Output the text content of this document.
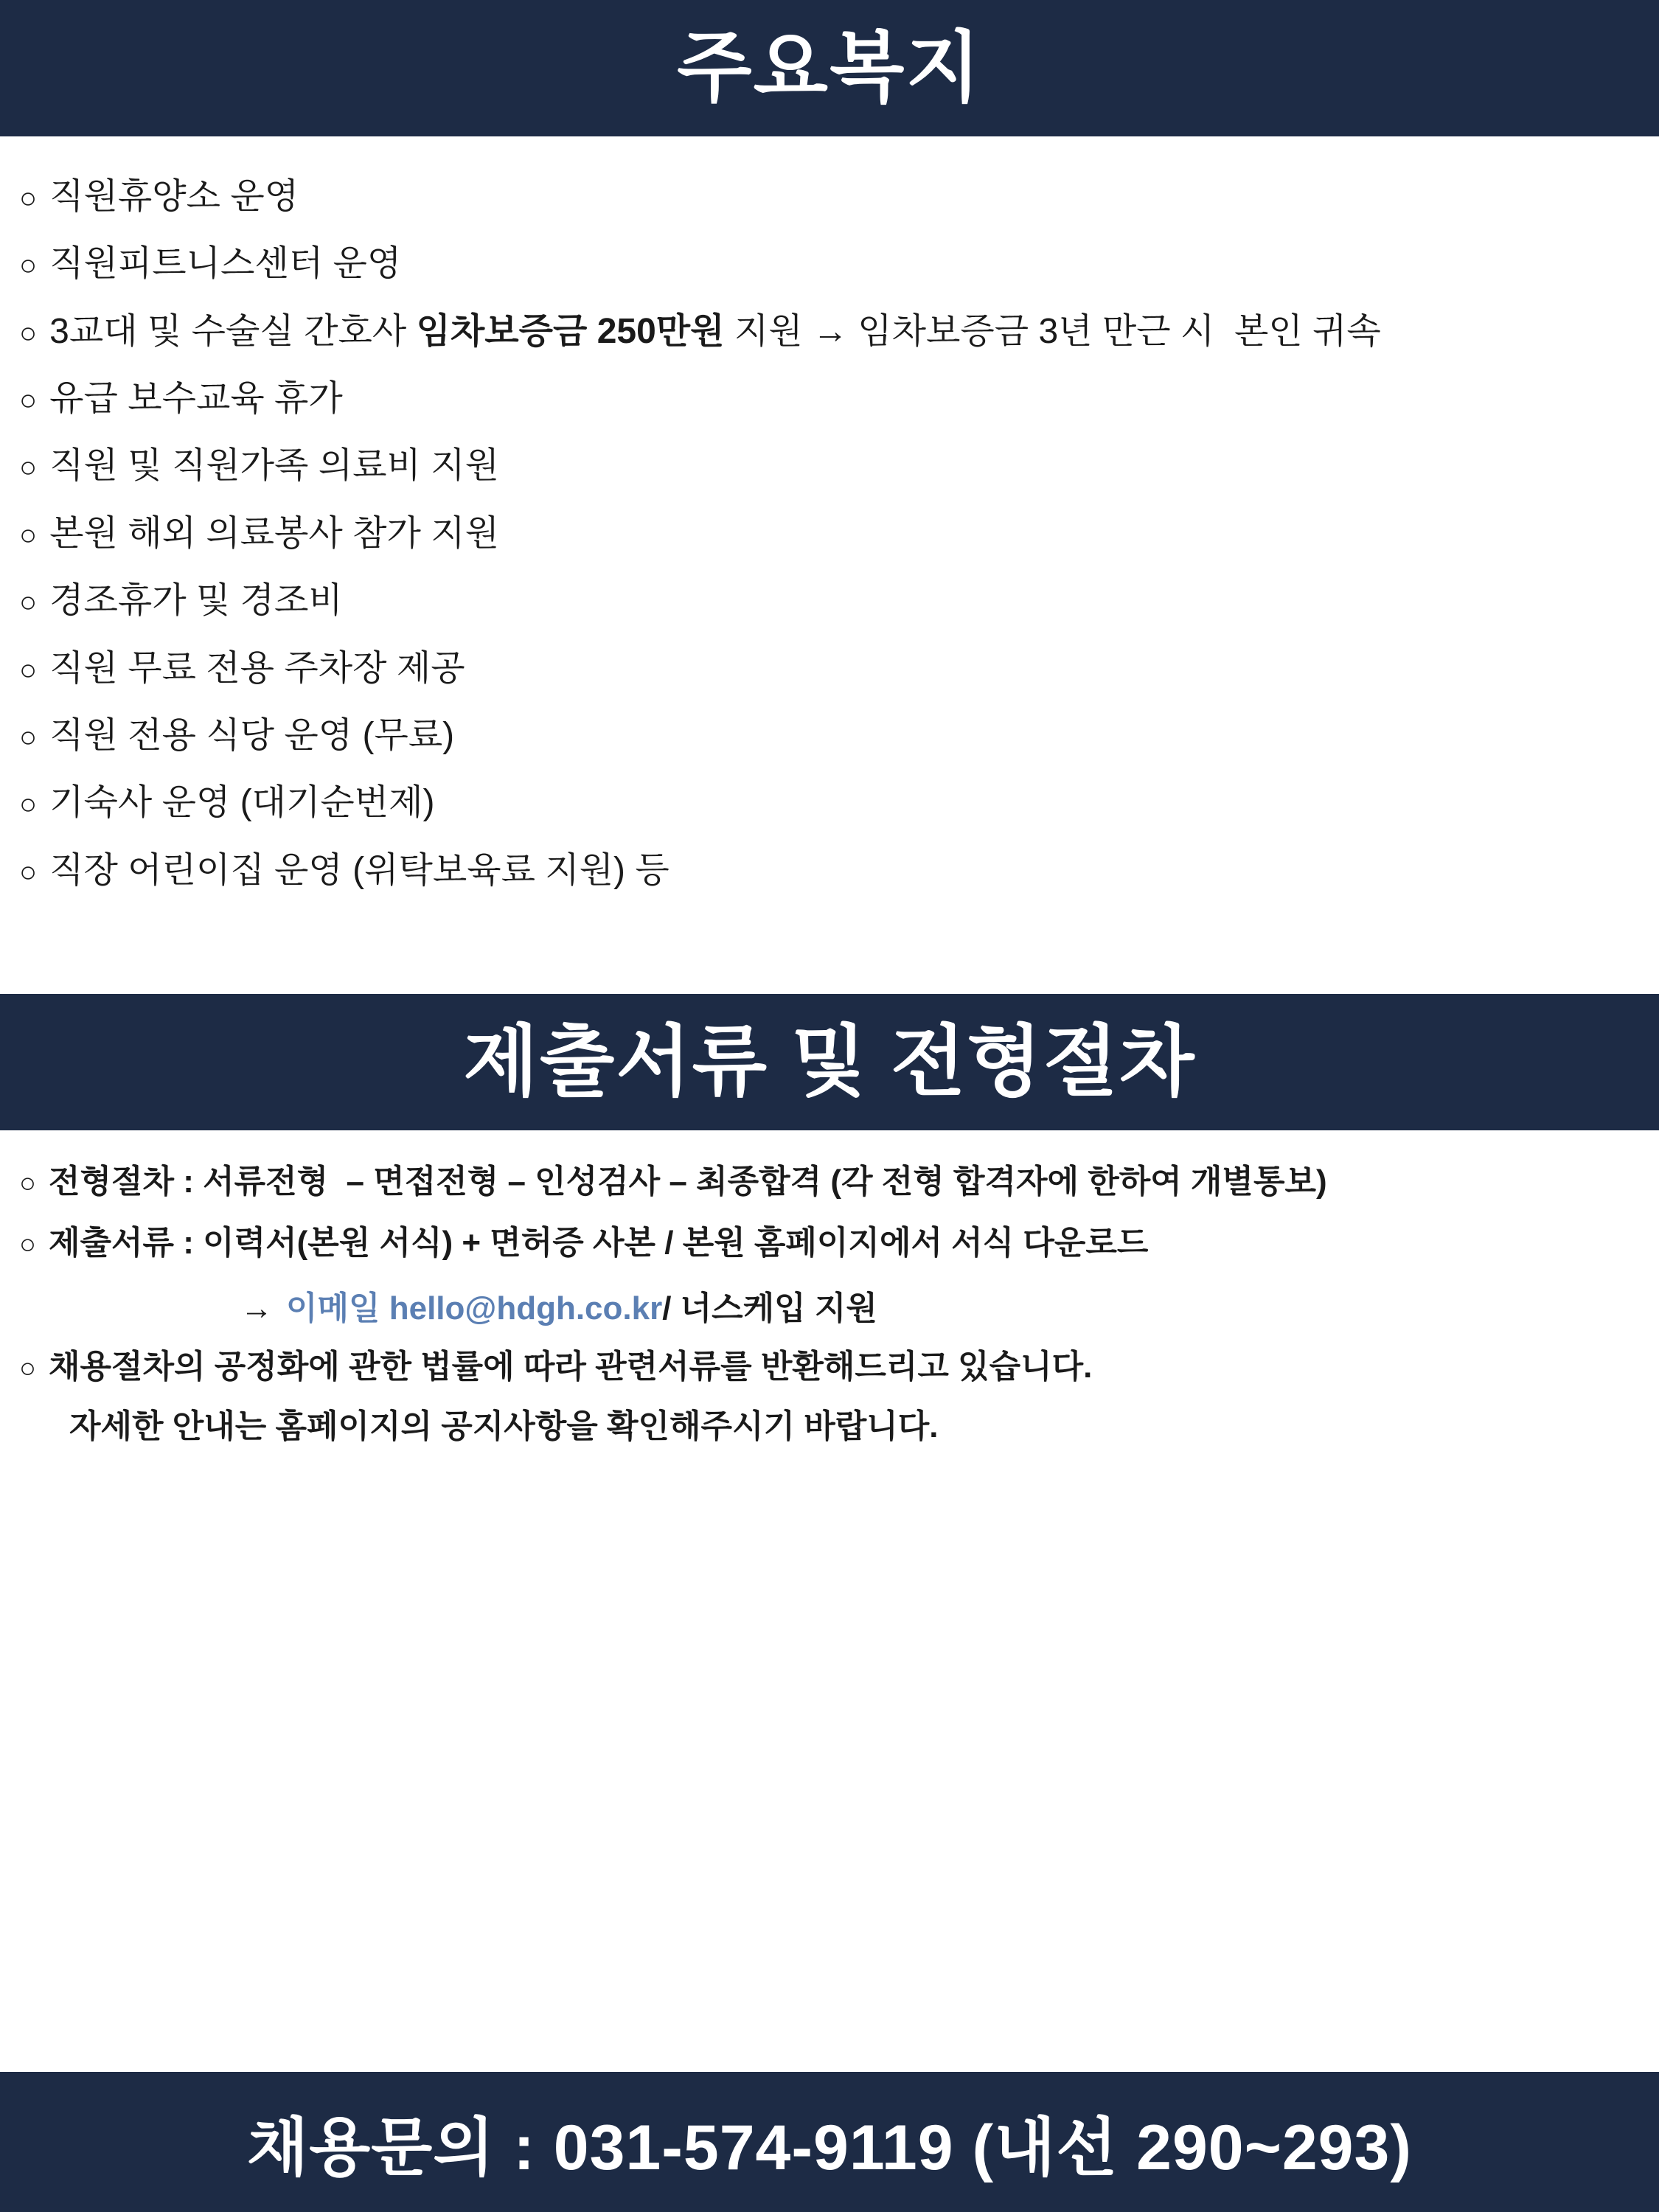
주요복지
○ 직원휴양소 운영
○ 직원피트니스센터 운영
○ 3교대 및 수술실 간호사 임차보증금 250만원 지원 → 임차보증금 3년 만근 시  본인 귀속
○ 유급 보수교육 휴가
○ 직원 및 직원가족 의료비 지원
○ 본원 해외 의료봉사 참가 지원
○ 경조휴가 및 경조비
○ 직원 무료 전용 주차장 제공
○ 직원 전용 식당 운영 (무료)
○ 기숙사 운영 (대기순번제)
○ 직장 어린이집 운영 (위탁보육료 지원) 등
제출서류 및 전형절차
○ 전형절차 : 서류전형  – 면접전형 – 인성검사 – 최종합격 (각 전형 합격자에 한하여 개별통보)
○ 제출서류 : 이력서(본원 서식) + 면허증 사본 / 본원 홈페이지에서 서식 다운로드
→ 이메일 hello@hdgh.co.kr / 너스케입 지원
○ 채용절차의 공정화에 관한 법률에 따라 관련서류를 반환해드리고 있습니다.
자세한 안내는 홈페이지의 공지사항을 확인해주시기 바랍니다.
채용문의 : 031-574-9119 (내선 290~293)
